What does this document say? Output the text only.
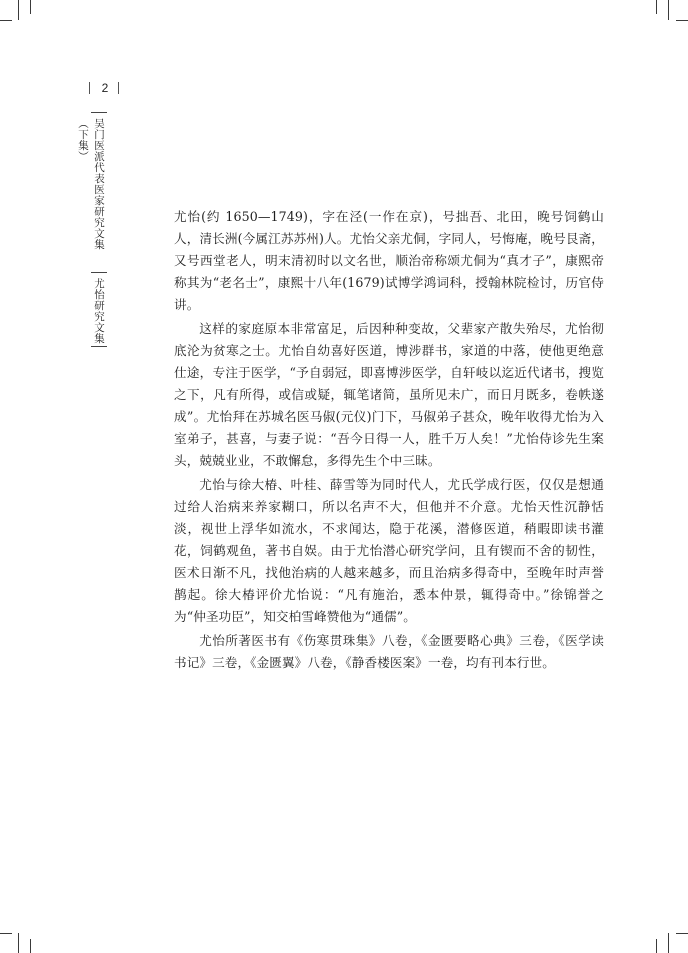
2
吴门医派代表医家研究文集（下集）
尤怡研究文集

尤怡(约 1650—1749)，字在泾(一作在京)，号拙吾、北田，晚号饲鹤山人，清长洲(今属江苏苏州)人。尤怡父亲尤侗，字同人，号悔庵，晚号艮斋，又号西堂老人，明末清初时以文名世，顺治帝称颂尤侗为“真才子”，康熙帝称其为“老名士”，康熙十八年(1679)试博学鸿词科，授翰林院检讨，历官侍讲。

这样的家庭原本非常富足，后因种种变故，父辈家产散失殆尽，尤怡彻底沦为贫寒之士。尤怡自幼喜好医道，博涉群书，家道的中落，使他更绝意仕途，专注于医学，“予自弱冠，即喜博涉医学，自轩岐以迄近代诸书，搜览之下，凡有所得，或信或疑，辄笔诸简，虽所见未广，而日月既多，卷帙遂成”。尤怡拜在苏城名医马俶(元仪)门下，马俶弟子甚众，晚年收得尤怡为入室弟子，甚喜，与妻子说：“吾今日得一人，胜千万人矣！”尤怡侍诊先生案头，兢兢业业，不敢懈怠，多得先生个中三昧。

尤怡与徐大椿、叶桂、薛雪等为同时代人，尤氏学成行医，仅仅是想通过给人治病来养家糊口，所以名声不大，但他并不介意。尤怡天性沉静恬淡，视世上浮华如流水，不求闻达，隐于花溪，潜修医道，稍暇即读书灌花，饲鹤观鱼，著书自娱。由于尤怡潜心研究学问，且有锲而不舍的韧性，医术日渐不凡，找他治病的人越来越多，而且治病多得奇中，至晚年时声誉鹊起。徐大椿评价尤怡说：“凡有施治，悉本仲景，辄得奇中。”徐锦誉之为“仲圣功臣”，知交柏雪峰赞他为“通儒”。

尤怡所著医书有《伤寒贯珠集》八卷，《金匮要略心典》三卷，《医学读书记》三卷，《金匮翼》八卷，《静香楼医案》一卷，均有刊本行世。
